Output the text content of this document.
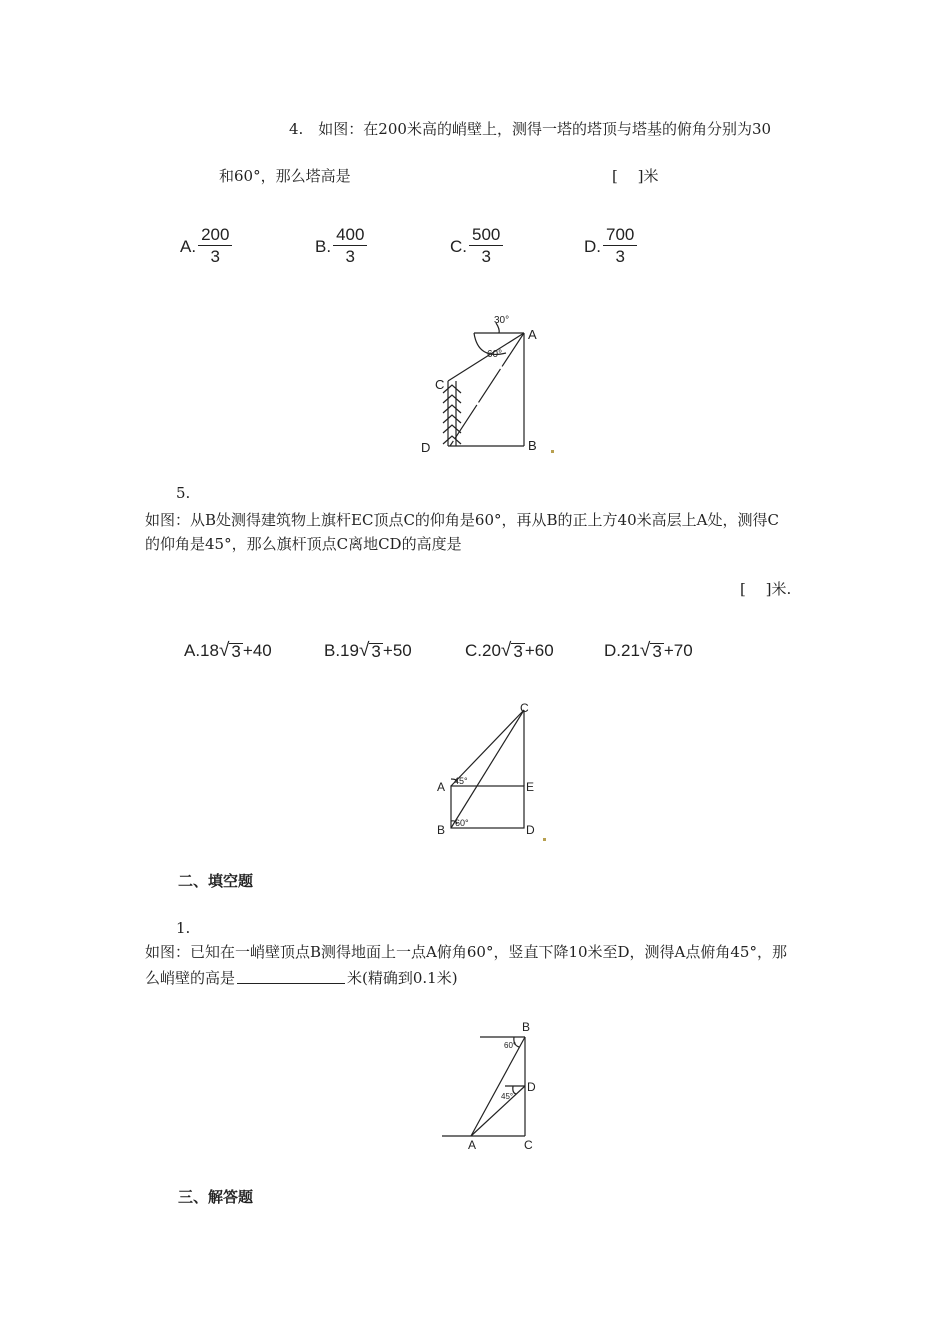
4.　如图：在200米高的峭壁上，测得一塔的塔顶与塔基的俯角分别为30
和60°，那么塔高是	[　 ]米
A. $\frac{200}{3}$	B. $\frac{400}{3}$	C. $\frac{500}{3}$	D. $\frac{700}{3}$
30°
60°
A
B
C
D
5.
如图：从B处测得建筑物上旗杆EC顶点C的仰角是60°，再从B的正上方40米高层上A处，测得C
的仰角是45°，那么旗杆顶点C离地CD的高度是
[　 ]米.
A.18 √ 3 +40	B.19 √ 3 +50	C.20 √ 3 +60	D.21 √ 3 +70
C
A	E
B	D
45°
60°
二、填空题
1.
如图：已知在一峭壁顶点B测得地面上一点A俯角60°，竖直下降10米至D，测得A点俯角45°，那
么峭壁的高是	米(精确到0.1米)
B
D
A	C
60°
45°
三、解答题
